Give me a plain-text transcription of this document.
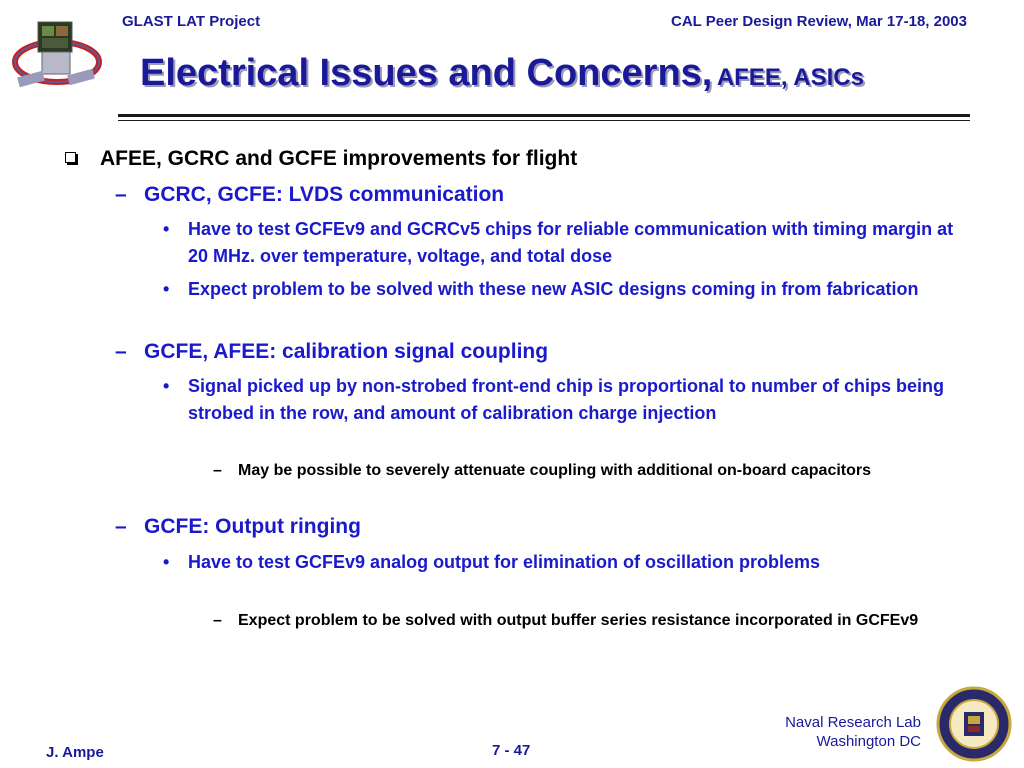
GLAST LAT Project	CAL Peer Design Review, Mar 17-18, 2003
Electrical Issues and Concerns, AFEE, ASICs
AFEE, GCRC and GCFE improvements for flight
– GCRC, GCFE: LVDS communication
• Have to test GCFEv9 and GCRCv5 chips for reliable communication with timing margin at 20 MHz. over temperature, voltage, and total dose
• Expect problem to be solved with these new ASIC designs coming in from fabrication
– GCFE, AFEE: calibration signal coupling
• Signal picked up by non-strobed front-end chip is proportional to number of chips being strobed in the row, and amount of calibration charge injection
– May be possible to severely attenuate coupling with additional on-board capacitors
– GCFE: Output ringing
• Have to test GCFEv9 analog output for elimination of oscillation problems
– Expect problem to be solved with output buffer series resistance incorporated in GCFEv9
J. Ampe	7 - 47
Naval Research Lab
Washington DC
